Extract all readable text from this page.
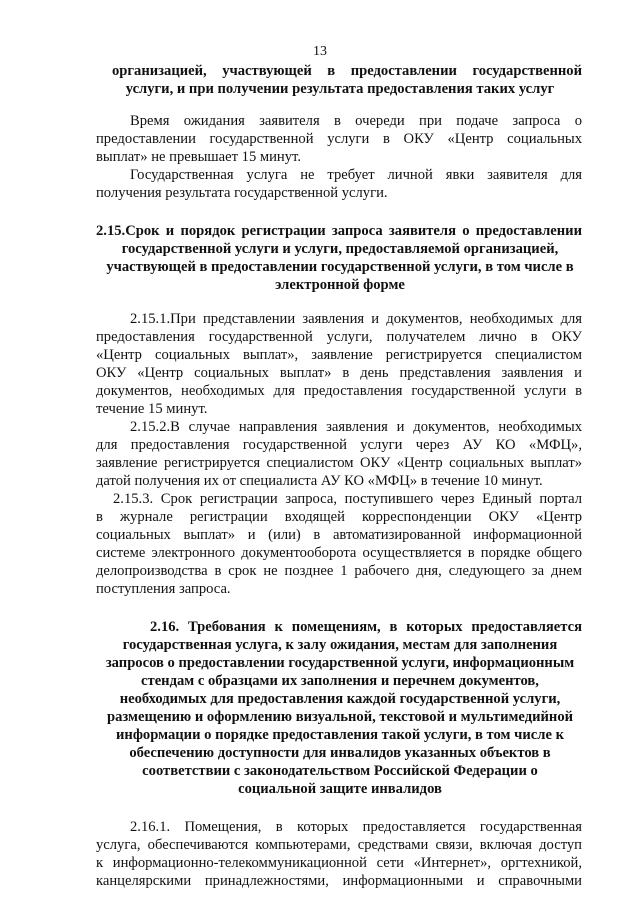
13
организацией, участвующей в предоставлении государственной
услуги, и при получении результата предоставления таких услуг
Время ожидания заявителя в очереди при подаче запроса о
предоставлении государственной услуги в ОКУ «Центр социальных
выплат» не превышает 15 минут.
Государственная услуга не требует личной явки заявителя для
получения результата государственной услуги.
2.15.Срок и порядок регистрации запроса заявителя о предоставлении
государственной услуги и услуги, предоставляемой организацией,
участвующей в предоставлении государственной услуги, в том числе в
электронной форме
2.15.1.При представлении заявления и документов, необходимых для
предоставления государственной услуги, получателем лично в ОКУ
«Центр социальных выплат», заявление регистрируется специалистом
ОКУ «Центр социальных выплат» в день представления заявления и
документов, необходимых для предоставления государственной услуги в
течение 15 минут.
2.15.2.В случае направления заявления и документов, необходимых
для предоставления государственной услуги через АУ КО «МФЦ»,
заявление регистрируется специалистом ОКУ «Центр социальных выплат»
датой получения их от специалиста АУ КО «МФЦ» в течение 10 минут.
2.15.3. Срок регистрации запроса, поступившего через Единый портал
в журнале регистрации входящей корреспонденции ОКУ «Центр
социальных выплат» и (или) в автоматизированной информационной
системе электронного документооборота осуществляется в порядке общего
делопроизводства в срок не позднее 1 рабочего дня, следующего за днем
поступления запроса.
2.16. Требования к помещениям, в которых предоставляется
государственная услуга, к залу ожидания, местам для заполнения
запросов о предоставлении государственной услуги, информационным
стендам с образцами их заполнения и перечнем документов,
необходимых для предоставления каждой государственной услуги,
размещению и оформлению визуальной, текстовой и мультимедийной
информации о порядке предоставления такой услуги, в том числе к
обеспечению доступности для инвалидов указанных объектов в
соответствии с законодательством Российской Федерации о
социальной защите инвалидов
2.16.1. Помещения, в которых предоставляется государственная
услуга, обеспечиваются компьютерами, средствами связи, включая доступ
к информационно-телекоммуникационной сети «Интернет», оргтехникой,
канцелярскими принадлежностями, информационными и справочными
